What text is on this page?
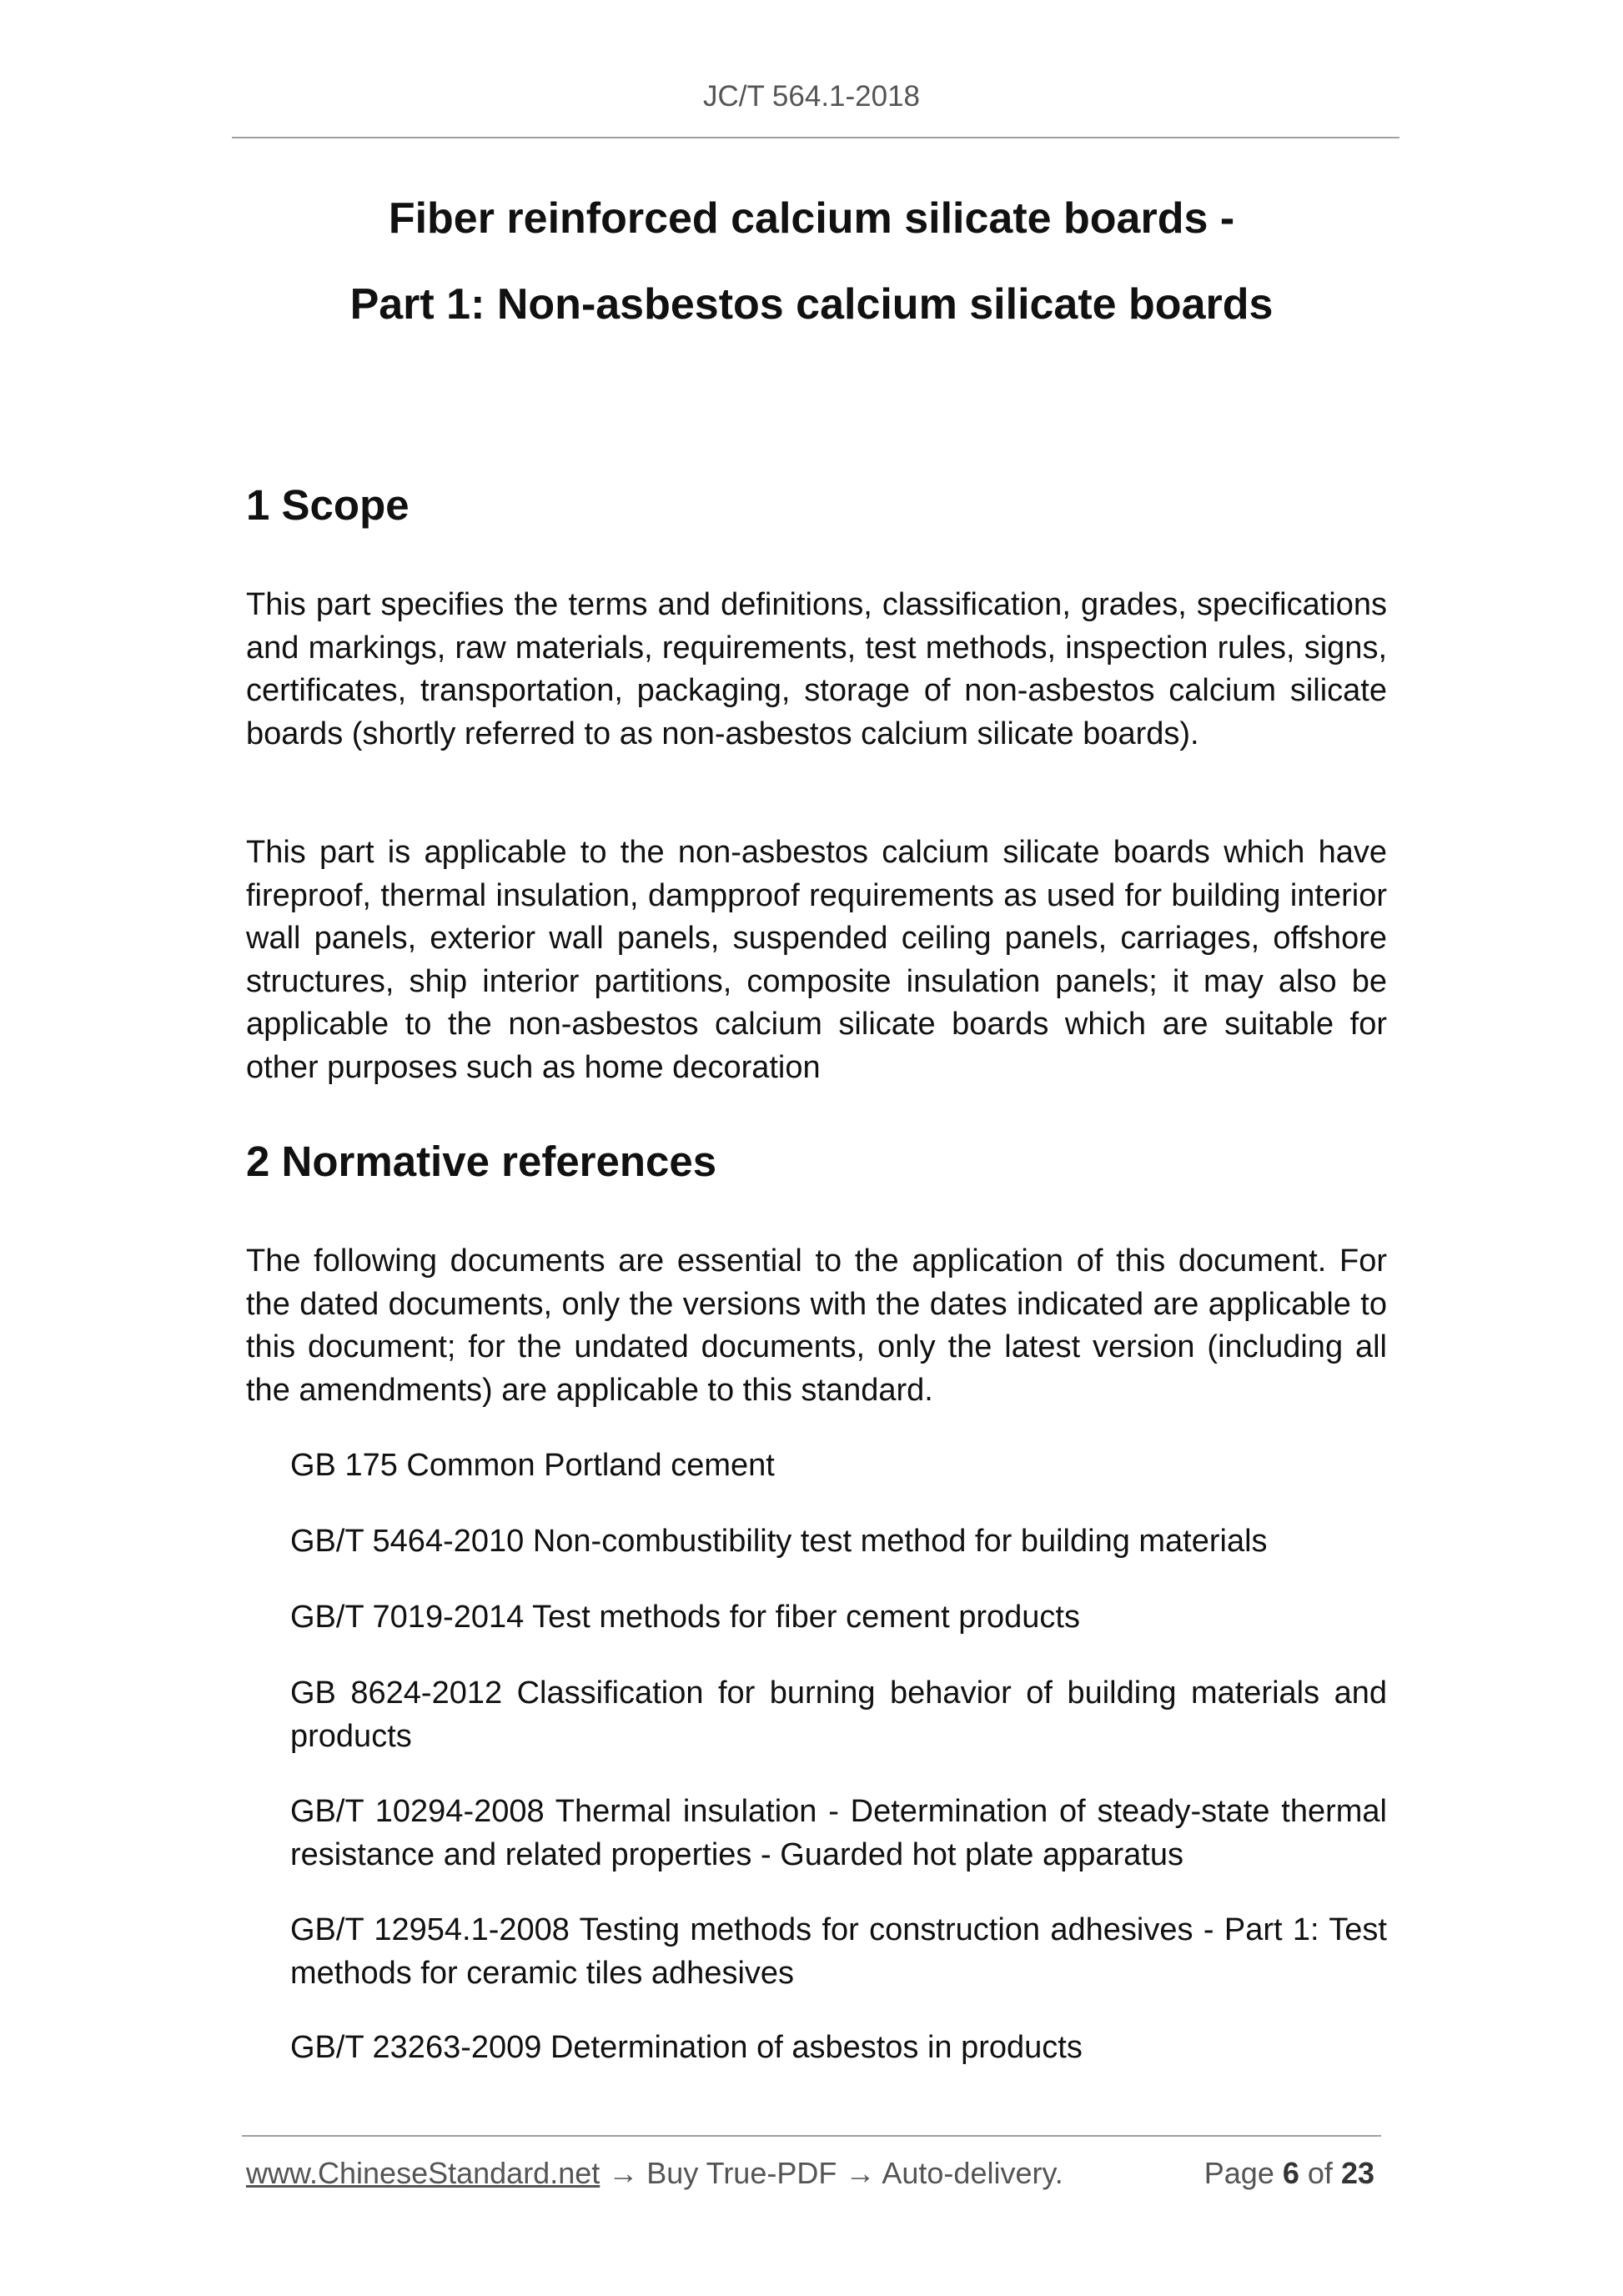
JC/T 564.1-2018
Fiber reinforced calcium silicate boards -
Part 1: Non-asbestos calcium silicate boards
1 Scope
This part specifies the terms and definitions, classification, grades, specifications and markings, raw materials, requirements, test methods, inspection rules, signs, certificates, transportation, packaging, storage of non-asbestos calcium silicate boards (shortly referred to as non-asbestos calcium silicate boards).
This part is applicable to the non-asbestos calcium silicate boards which have fireproof, thermal insulation, dampproof requirements as used for building interior wall panels, exterior wall panels, suspended ceiling panels, carriages, offshore structures, ship interior partitions, composite insulation panels; it may also be applicable to the non-asbestos calcium silicate boards which are suitable for other purposes such as home decoration
2 Normative references
The following documents are essential to the application of this document. For the dated documents, only the versions with the dates indicated are applicable to this document; for the undated documents, only the latest version (including all the amendments) are applicable to this standard.
GB 175 Common Portland cement
GB/T 5464-2010 Non-combustibility test method for building materials
GB/T 7019-2014 Test methods for fiber cement products
GB 8624-2012 Classification for burning behavior of building materials and products
GB/T 10294-2008 Thermal insulation - Determination of steady-state thermal resistance and related properties - Guarded hot plate apparatus
GB/T 12954.1-2008 Testing methods for construction adhesives - Part 1: Test methods for ceramic tiles adhesives
GB/T 23263-2009 Determination of asbestos in products
www.ChineseStandard.net → Buy True-PDF → Auto-delivery.	Page 6 of 23
